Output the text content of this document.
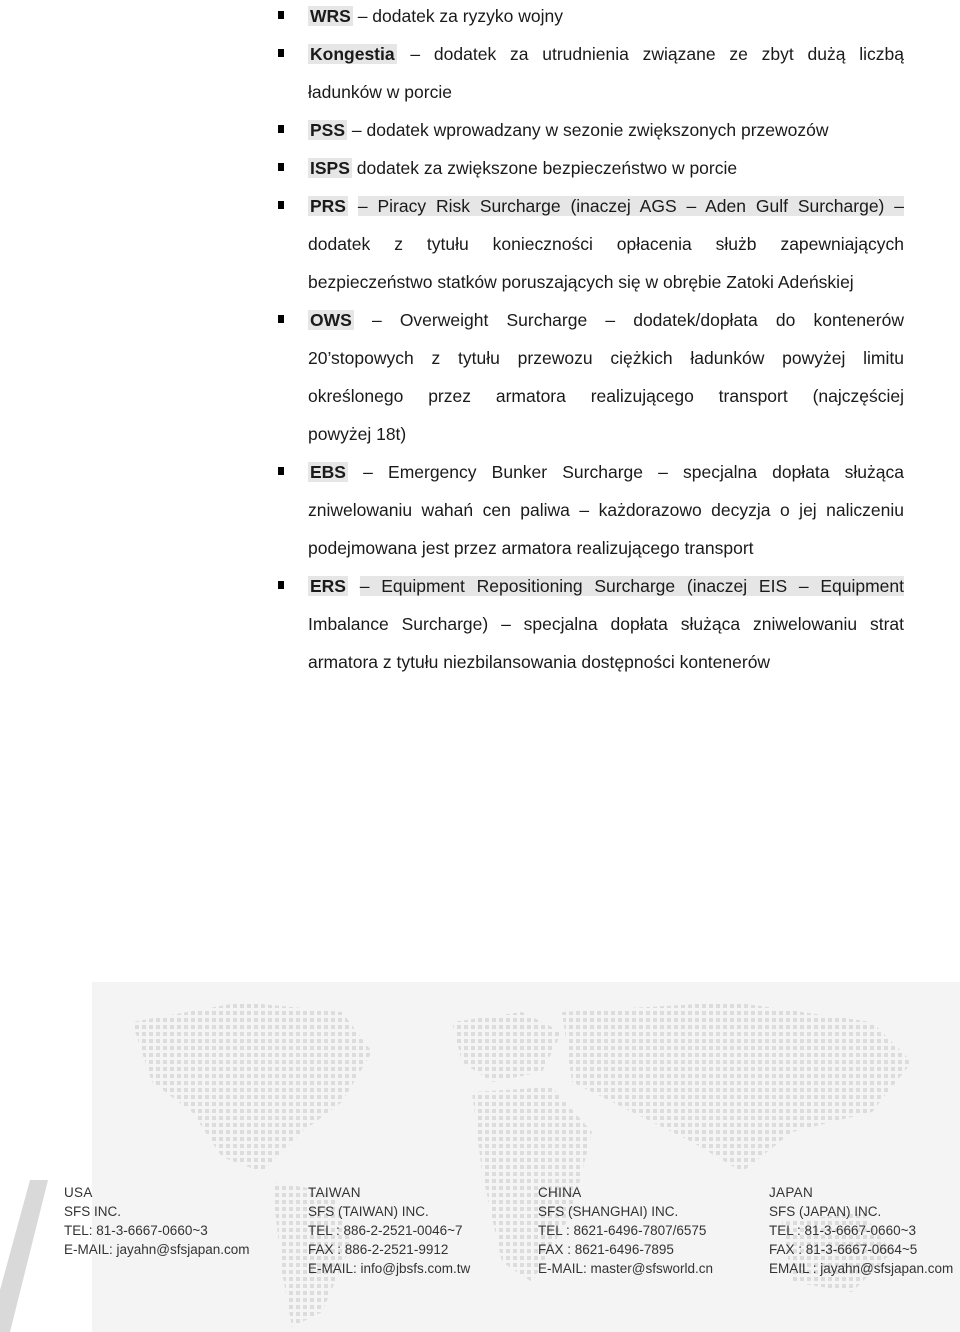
WRS – dodatek za ryzyko wojny
Kongestia – dodatek za utrudnienia związane ze zbyt dużą liczbą
ładunków w porcie
PSS – dodatek wprowadzany w sezonie zwiększonych przewozów
ISPS dodatek za zwiększone bezpieczeństwo w porcie
PRS – Piracy Risk Surcharge (inaczej AGS – Aden Gulf Surcharge) –
dodatek z tytułu konieczności opłacenia służb zapewniających
bezpieczeństwo statków poruszających się w obrębie Zatoki Adeńskiej
OWS – Overweight Surcharge – dodatek/dopłata do kontenerów
20’stopowych z tytułu przewozu ciężkich ładunków powyżej limitu
określonego przez armatora realizującego transport (najczęściej
powyżej 18t)
EBS – Emergency Bunker Surcharge – specjalna dopłata służąca
zniwelowaniu wahań cen paliwa – każdorazowo decyzja o jej naliczeniu
podejmowana jest przez armatora realizującego transport
ERS – Equipment Repositioning Surcharge (inaczej EIS – Equipment
Imbalance Surcharge) – specjalna dopłata służąca zniwelowaniu strat
armatora z tytułu niezbilansowania dostępności kontenerów
USA
SFS INC.
TEL: 81-3-6667-0660~3
E-MAIL: jayahn@sfsjapan.com
TAIWAN
SFS (TAIWAN) INC.
TEL : 886-2-2521-0046~7
FAX : 886-2-2521-9912
E-MAIL: info@jbsfs.com.tw
CHINA
SFS (SHANGHAI) INC.
TEL : 8621-6496-7807/6575
FAX : 8621-6496-7895
E-MAIL: master@sfsworld.cn
JAPAN
SFS (JAPAN) INC.
TEL : 81-3-6667-0660~3
FAX : 81-3-6667-0664~5
EMAIL : jayahn@sfsjapan.com
